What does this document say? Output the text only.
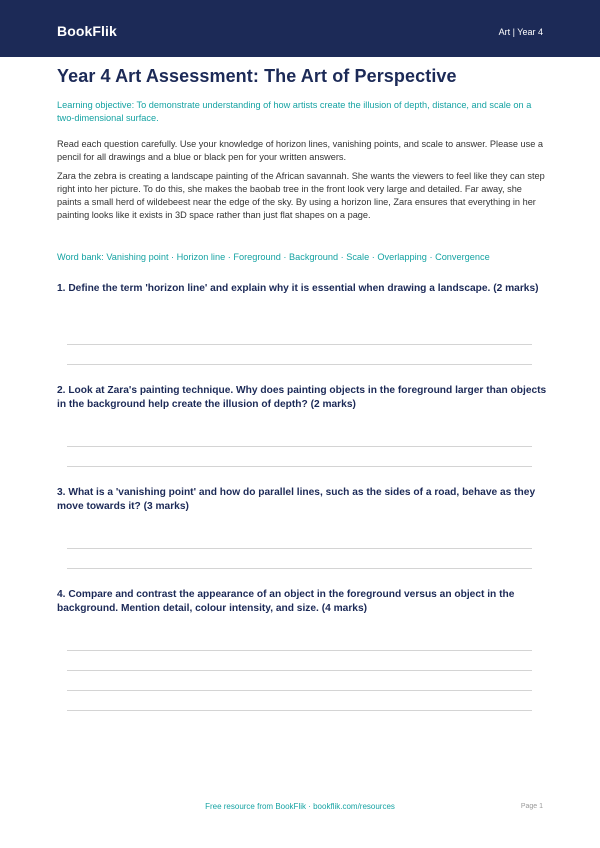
BookFlik	Art | Year 4
Year 4 Art Assessment: The Art of Perspective
Learning objective: To demonstrate understanding of how artists create the illusion of depth, distance, and scale on a two-dimensional surface.
Read each question carefully. Use your knowledge of horizon lines, vanishing points, and scale to answer. Please use a pencil for all drawings and a blue or black pen for your written answers.
Zara the zebra is creating a landscape painting of the African savannah. She wants the viewers to feel like they can step right into her picture. To do this, she makes the baobab tree in the front look very large and detailed. Far away, she paints a small herd of wildebeest near the edge of the sky. By using a horizon line, Zara ensures that everything in her painting looks like it exists in 3D space rather than just flat shapes on a page.
Word bank: Vanishing point · Horizon line · Foreground · Background · Scale · Overlapping · Convergence
1. Define the term 'horizon line' and explain why it is essential when drawing a landscape. (2 marks)
2. Look at Zara's painting technique. Why does painting objects in the foreground larger than objects in the background help create the illusion of depth? (2 marks)
3. What is a 'vanishing point' and how do parallel lines, such as the sides of a road, behave as they move towards it? (3 marks)
4. Compare and contrast the appearance of an object in the foreground versus an object in the background. Mention detail, colour intensity, and size. (4 marks)
Free resource from BookFlik · bookflik.com/resources	Page 1
